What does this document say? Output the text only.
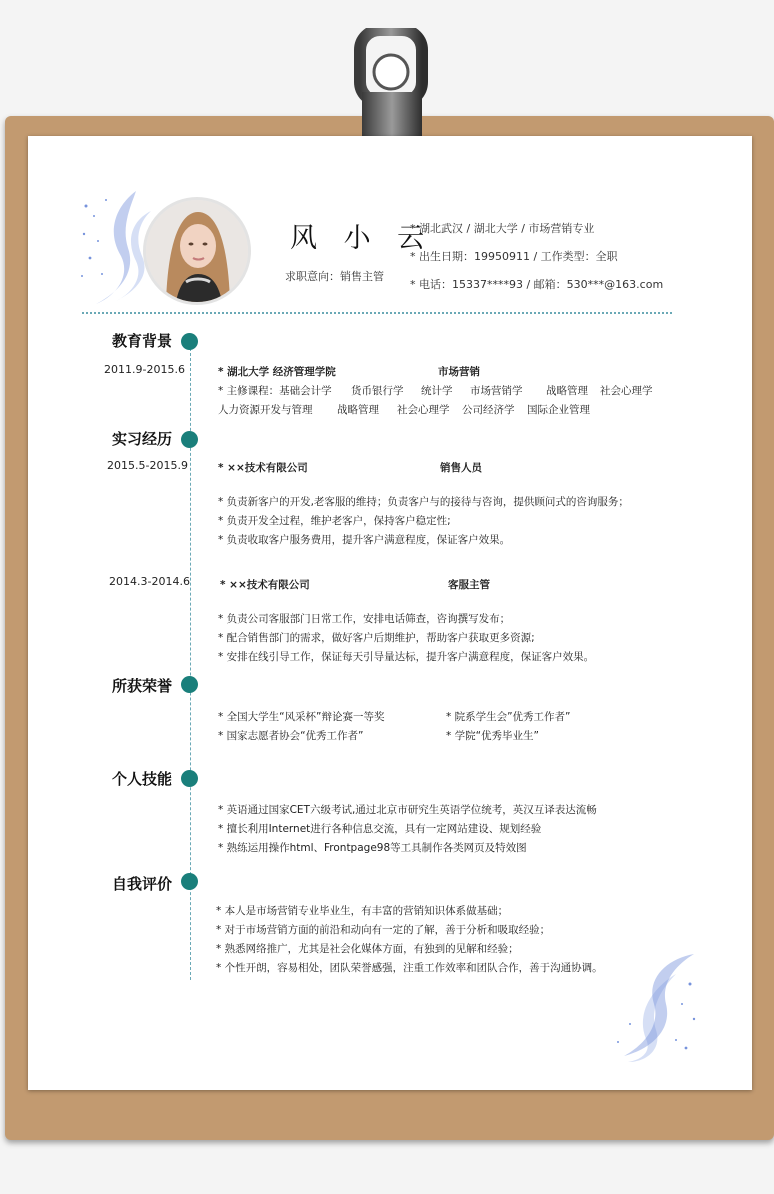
风 小 云
求职意向：销售主管
* 湖北武汉 / 湖北大学 / 市场营销专业
* 出生日期：19950911 / 工作类型：全职
* 电话：15337****93 / 邮箱：530***@163.com
教育背景
2011.9-2015.6	* 湖北大学 经济管理学院	市场营销
* 主修课程：基础会计学 货币银行学 统计学 市场营销学 战略管理 社会心理学
人力资源开发与管理 战略管理 社会心理学 公司经济学 国际企业管理
实习经历
2015.5-2015.9	* ××技术有限公司	销售人员
* 负责新客户的开发,老客服的维持；负责客户与的接待与咨询，提供顾问式的咨询服务；
* 负责开发全过程，维护老客户，保持客户稳定性;
* 负责收取客户服务费用，提升客户满意程度，保证客户效果。
2014.3-2014.6	* ××技术有限公司	客服主管
* 负责公司客服部门日常工作，安排电话筛查，咨询撰写发布；
* 配合销售部门的需求，做好客户后期维护，帮助客户获取更多资源;
* 安排在线引导工作，保证每天引导量达标，提升客户满意程度，保证客户效果。
所获荣誉
* 全国大学生“风采杯”辩论赛一等奖	* 院系学生会”优秀工作者”
* 国家志愿者协会“优秀工作者”	* 学院“优秀毕业生”
个人技能
* 英语通过国家CET六级考试,通过北京市研究生英语学位统考，英汉互译表达流畅
* 擅长利用Internet进行各种信息交流，具有一定网站建设、规划经验
* 熟练运用操作html、Frontpage98等工具制作各类网页及特效图
自我评价
* 本人是市场营销专业毕业生，有丰富的营销知识体系做基础；
* 对于市场营销方面的前沿和动向有一定的了解，善于分析和吸取经验；
* 熟悉网络推广，尤其是社会化媒体方面，有独到的见解和经验；
* 个性开朗，容易相处，团队荣誉感强，注重工作效率和团队合作，善于沟通协调。
